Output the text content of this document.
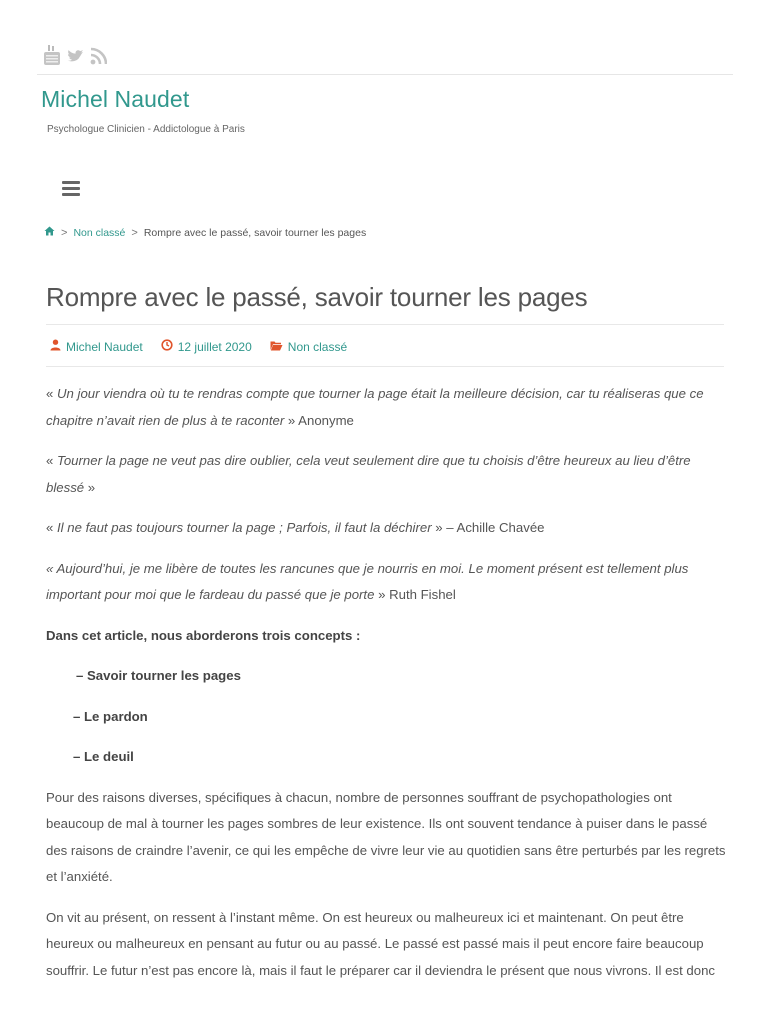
Michel Naudet
Psychologue Clinicien - Addictologue à Paris
> Non classé > Rompre avec le passé, savoir tourner les pages
Rompre avec le passé, savoir tourner les pages
Michel Naudet	12 juillet 2020	Non classé

« Un jour viendra où tu te rendras compte que tourner la page était la meilleure décision, car tu réaliseras que ce chapitre n’avait rien de plus à te raconter » Anonyme

« Tourner la page ne veut pas dire oublier, cela veut seulement dire que tu choisis d’être heureux au lieu d’être blessé »

« Il ne faut pas toujours tourner la page ; Parfois, il faut la déchirer » – Achille Chavée

« Aujourd’hui, je me libère de toutes les rancunes que je nourris en moi. Le moment présent est tellement plus important pour moi que le fardeau du passé que je porte » Ruth Fishel

Dans cet article, nous aborderons trois concepts :

– Savoir tourner les pages

– Le pardon

– Le deuil

Pour des raisons diverses, spécifiques à chacun, nombre de personnes souffrant de psychopathologies ont beaucoup de mal à tourner les pages sombres de leur existence. Ils ont souvent tendance à puiser dans le passé des raisons de craindre l’avenir, ce qui les empêche de vivre leur vie au quotidien sans être perturbés par les regrets et l’anxiété.

On vit au présent, on ressent à l’instant même. On est heureux ou malheureux ici et maintenant. On peut être heureux ou malheureux en pensant au futur ou au passé. Le passé est passé mais il peut encore faire beaucoup souffrir. Le futur n’est pas encore là, mais il faut le préparer car il deviendra le présent que nous vivrons. Il est donc
